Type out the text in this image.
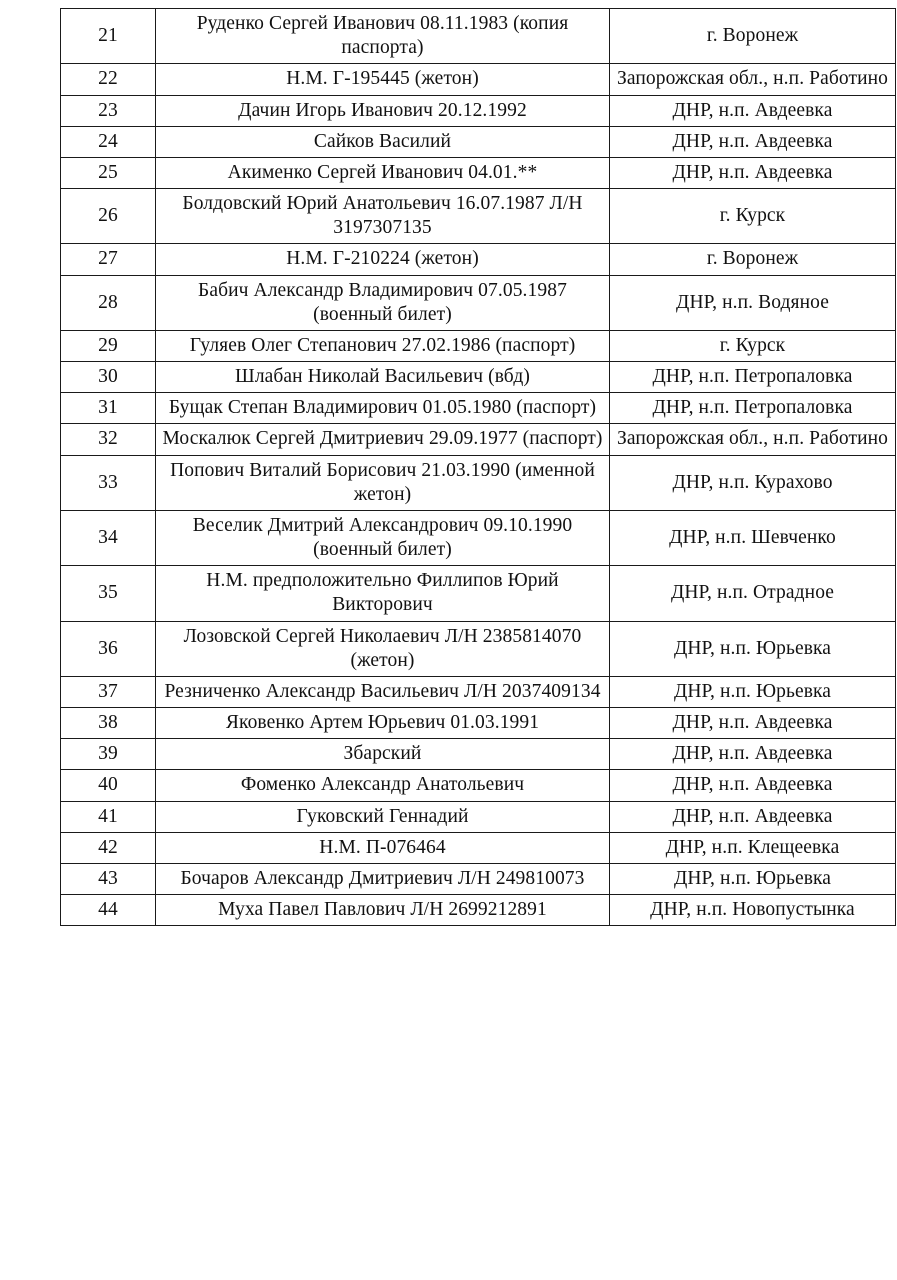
21	Руденко Сергей Иванович 08.11.1983 (копия паспорта)	г. Воронеж
22	Н.М. Г-195445 (жетон)	Запорожская обл., н.п. Работино
23	Дачин Игорь Иванович 20.12.1992	ДНР, н.п. Авдеевка
24	Сайков Василий	ДНР, н.п. Авдеевка
25	Акименко Сергей Иванович 04.01.**	ДНР, н.п. Авдеевка
26	Болдовский Юрий Анатольевич 16.07.1987 Л/Н 3197307135	г. Курск
27	Н.М. Г-210224 (жетон)	г. Воронеж
28	Бабич Александр Владимирович 07.05.1987 (военный билет)	ДНР, н.п. Водяное
29	Гуляев Олег Степанович 27.02.1986 (паспорт)	г. Курск
30	Шлабан Николай Васильевич (вбд)	ДНР, н.п. Петропаловка
31	Бущак Степан Владимирович 01.05.1980 (паспорт)	ДНР, н.п. Петропаловка
32	Москалюк Сергей Дмитриевич 29.09.1977 (паспорт)	Запорожская обл., н.п. Работино
33	Попович Виталий Борисович 21.03.1990 (именной жетон)	ДНР, н.п. Курахово
34	Веселик Дмитрий Александрович 09.10.1990 (военный билет)	ДНР, н.п. Шевченко
35	Н.М. предположительно Филлипов Юрий Викторович	ДНР, н.п. Отрадное
36	Лозовской Сергей Николаевич Л/Н 2385814070 (жетон)	ДНР, н.п. Юрьевка
37	Резниченко Александр Васильевич Л/Н 2037409134	ДНР, н.п. Юрьевка
38	Яковенко Артем Юрьевич 01.03.1991	ДНР, н.п. Авдеевка
39	Збарский	ДНР, н.п. Авдеевка
40	Фоменко Александр Анатольевич	ДНР, н.п. Авдеевка
41	Гуковский Геннадий	ДНР, н.п. Авдеевка
42	Н.М. П-076464	ДНР, н.п. Клещеевка
43	Бочаров Александр Дмитриевич Л/Н 249810073	ДНР, н.п. Юрьевка
44	Муха Павел Павлович Л/Н 2699212891	ДНР, н.п. Новопустынка
